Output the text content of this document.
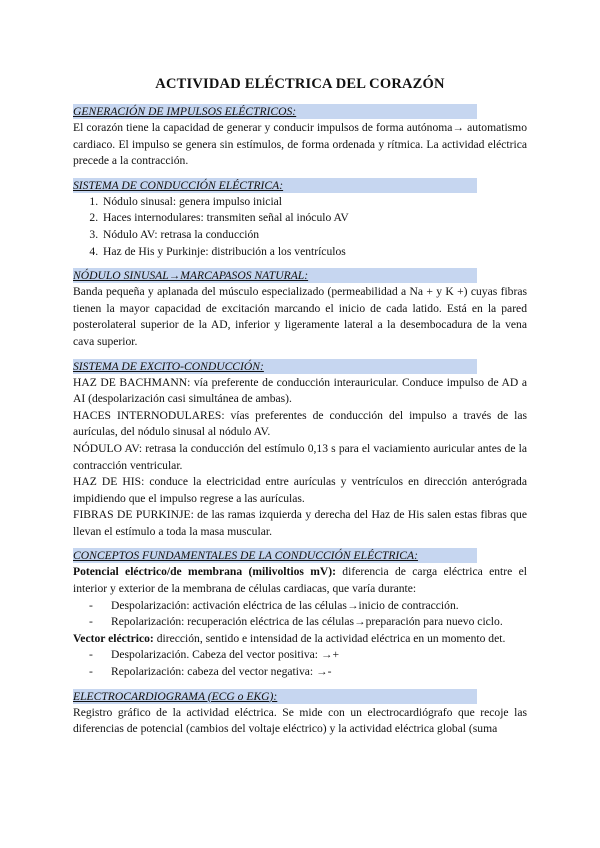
ACTIVIDAD ELÉCTRICA DEL CORAZÓN
GENERACIÓN DE IMPULSOS ELÉCTRICOS:

El corazón tiene la capacidad de generar y conducir impulsos de forma autónoma→ automatismo cardiaco. El impulso se genera sin estímulos, de forma ordenada y rítmica. La actividad eléctrica precede a la contracción.

SISTEMA DE CONDUCCIÓN ELÉCTRICA:
1. Nódulo sinusal: genera impulso inicial
2. Haces internodulares: transmiten señal al inóculo AV
3. Nódulo AV: retrasa la conducción
4. Haz de His y Purkinje: distribución a los ventrículos
NÓDULO SINUSAL→MARCAPASOS NATURAL:

Banda pequeña y aplanada del músculo especializado (permeabilidad a Na + y K +) cuyas fibras tienen la mayor capacidad de excitación marcando el inicio de cada latido. Está en la pared posterolateral superior de la AD, inferior y ligeramente lateral a la desembocadura de la vena cava superior.

SISTEMA DE EXCITO-CONDUCCIÓN:

HAZ DE BACHMANN: vía preferente de conducción interauricular. Conduce impulso de AD a AI (despolarización casi simultánea de ambas).

HACES INTERNODULARES: vías preferentes de conducción del impulso a través de las aurículas, del nódulo sinusal al nódulo AV.

NÓDULO AV: retrasa la conducción del estímulo 0,13 s para el vaciamiento auricular antes de la contracción ventricular.

HAZ DE HIS: conduce la electricidad entre aurículas y ventrículos en dirección anterógrada impidiendo que el impulso regrese a las aurículas.

FIBRAS DE PURKINJE: de las ramas izquierda y derecha del Haz de His salen estas fibras que llevan el estímulo a toda la masa muscular.

CONCEPTOS FUNDAMENTALES DE LA CONDUCCIÓN ELÉCTRICA:

Potencial eléctrico/de membrana (milivoltios mV): diferencia de carga eléctrica entre el interior y exterior de la membrana de células cardiacas, que varía durante:

- Despolarización: activación eléctrica de las células→inicio de contracción.
- Repolarización: recuperación eléctrica de las células→preparación para nuevo ciclo.

Vector eléctrico: dirección, sentido e intensidad de la actividad eléctrica en un momento det.

- Despolarización. Cabeza del vector positiva: →+
- Repolarización: cabeza del vector negativa: →-
ELECTROCARDIOGRAMA (ECG o EKG):

Registro gráfico de la actividad eléctrica. Se mide con un electrocardiógrafo que recoje las diferencias de potencial (cambios del voltaje eléctrico) y la actividad eléctrica global (suma
